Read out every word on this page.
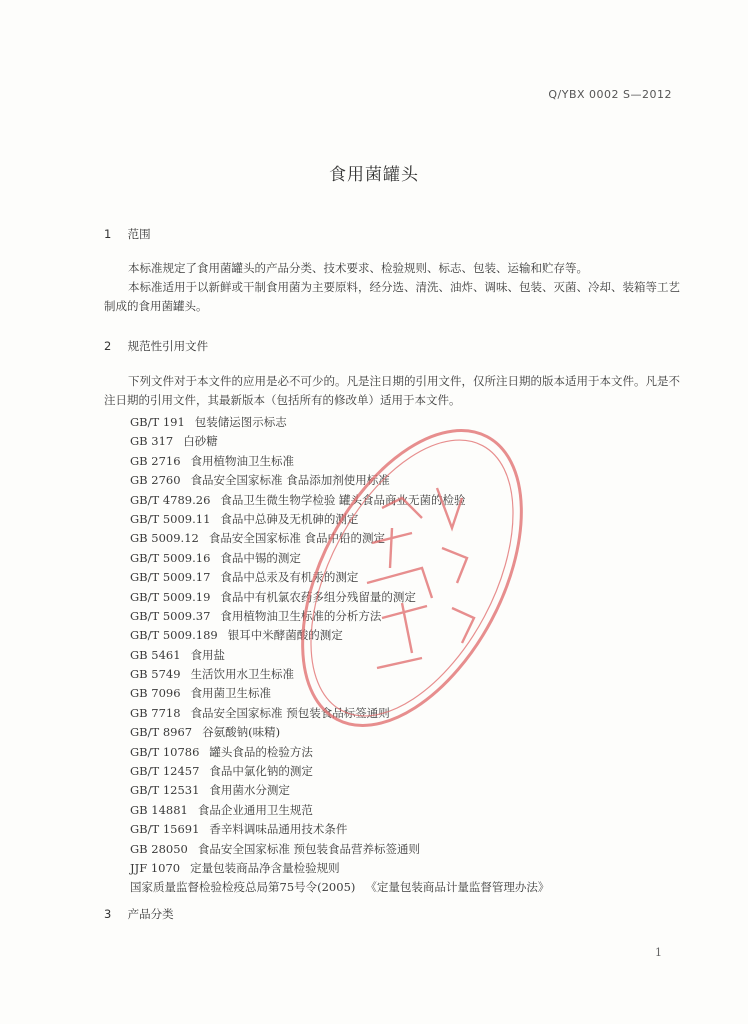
Q/YBX 0002 S—2012
食用菌罐头
1 范围

本标准规定了食用菌罐头的产品分类、技术要求、检验规则、标志、包装、运输和贮存等。

本标准适用于以新鲜或干制食用菌为主要原料，经分选、清洗、油炸、调味、包装、灭菌、冷却、装箱等工艺制成的食用菌罐头。

2 规范性引用文件

下列文件对于本文件的应用是必不可少的。凡是注日期的引用文件，仅所注日期的版本适用于本文件。凡是不注日期的引用文件，其最新版本（包括所有的修改单）适用于本文件。

GB/T 191 包装储运图示标志
GB 317 白砂糖
GB 2716 食用植物油卫生标准
GB 2760 食品安全国家标准 食品添加剂使用标准
GB/T 4789.26 食品卫生微生物学检验 罐头食品商业无菌的检验
GB/T 5009.11 食品中总砷及无机砷的测定
GB 5009.12 食品安全国家标准 食品中铅的测定
GB/T 5009.16 食品中锡的测定
GB/T 5009.17 食品中总汞及有机汞的测定
GB/T 5009.19 食品中有机氯农药多组分残留量的测定
GB/T 5009.37 食用植物油卫生标准的分析方法
GB/T 5009.189 银耳中米酵菌酸的测定
GB 5461 食用盐
GB 5749 生活饮用水卫生标准
GB 7096 食用菌卫生标准
GB 7718 食品安全国家标准 预包装食品标签通则
GB/T 8967 谷氨酸钠(味精)
GB/T 10786 罐头食品的检验方法
GB/T 12457 食品中氯化钠的测定
GB/T 12531 食用菌水分测定
GB 14881 食品企业通用卫生规范
GB/T 15691 香辛料调味品通用技术条件
GB 28050 食品安全国家标准 预包装食品营养标签通则
JJF 1070 定量包装商品净含量检验规则
国家质量监督检验检疫总局第75号令(2005) 《定量包装商品计量监督管理办法》
3 产品分类
1
